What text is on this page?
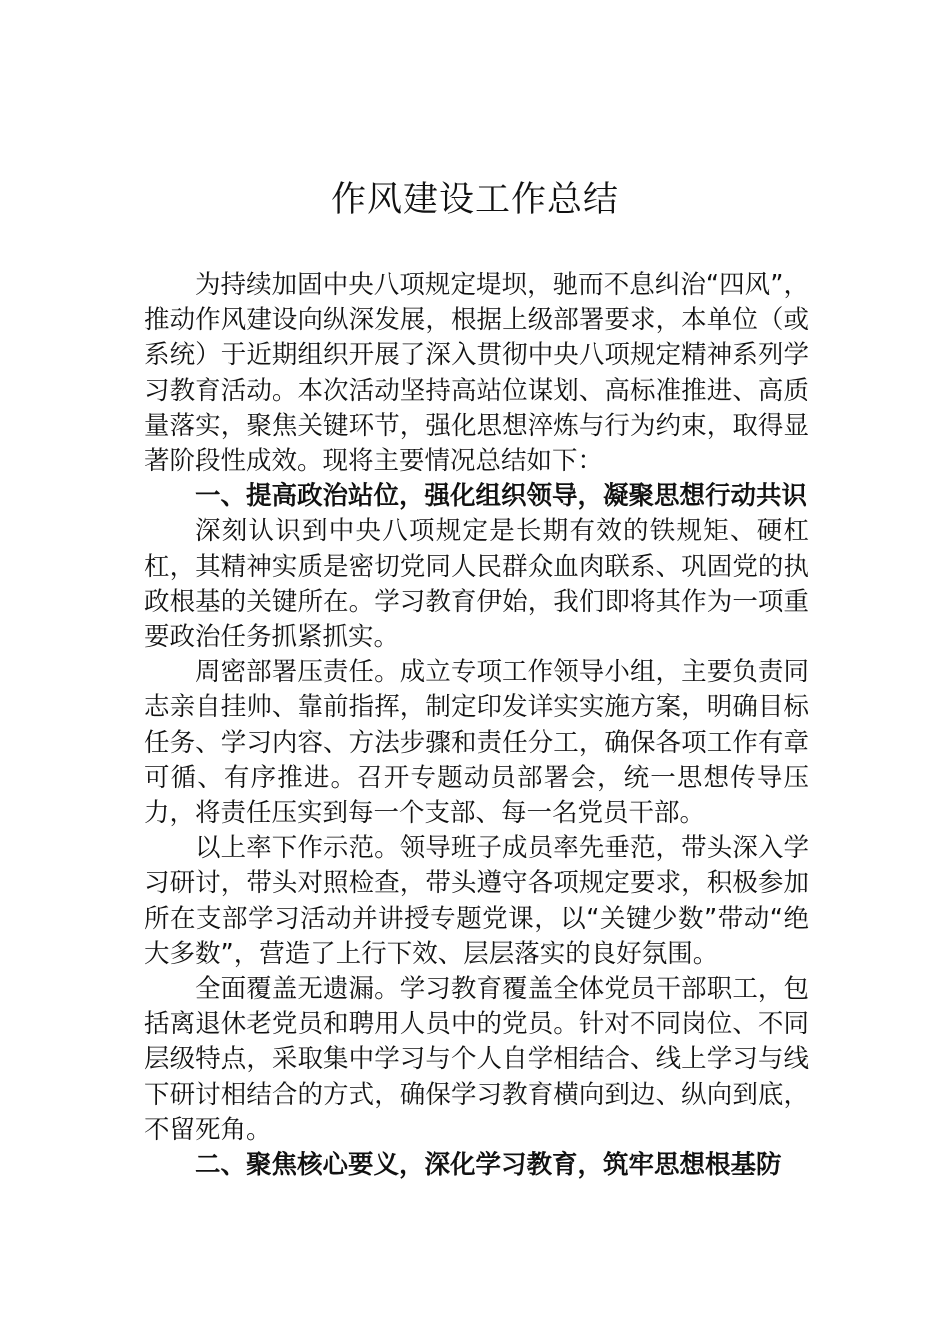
作风建设工作总结

为持续加固中央八项规定堤坝，驰而不息纠治“四风”，推动作风建设向纵深发展，根据上级部署要求，本单位（或系统）于近期组织开展了深入贯彻中央八项规定精神系列学习教育活动。本次活动坚持高站位谋划、高标准推进、高质量落实，聚焦关键环节，强化思想淬炼与行为约束，取得显著阶段性成效。现将主要情况总结如下：

一、提高政治站位，强化组织领导，凝聚思想行动共识

深刻认识到中央八项规定是长期有效的铁规矩、硬杠杠，其精神实质是密切党同人民群众血肉联系、巩固党的执政根基的关键所在。学习教育伊始，我们即将其作为一项重要政治任务抓紧抓实。

周密部署压责任。成立专项工作领导小组，主要负责同志亲自挂帅、靠前指挥，制定印发详实实施方案，明确目标任务、学习内容、方法步骤和责任分工，确保各项工作有章可循、有序推进。召开专题动员部署会，统一思想传导压力，将责任压实到每一个支部、每一名党员干部。

以上率下作示范。领导班子成员率先垂范，带头深入学习研讨，带头对照检查，带头遵守各项规定要求，积极参加所在支部学习活动并讲授专题党课，以“关键少数”带动“绝大多数”，营造了上行下效、层层落实的良好氛围。

全面覆盖无遗漏。学习教育覆盖全体党员干部职工，包括离退休老党员和聘用人员中的党员。针对不同岗位、不同层级特点，采取集中学习与个人自学相结合、线上学习与线下研讨相结合的方式，确保学习教育横向到边、纵向到底，不留死角。

二、聚焦核心要义，深化学习教育，筑牢思想根基防
